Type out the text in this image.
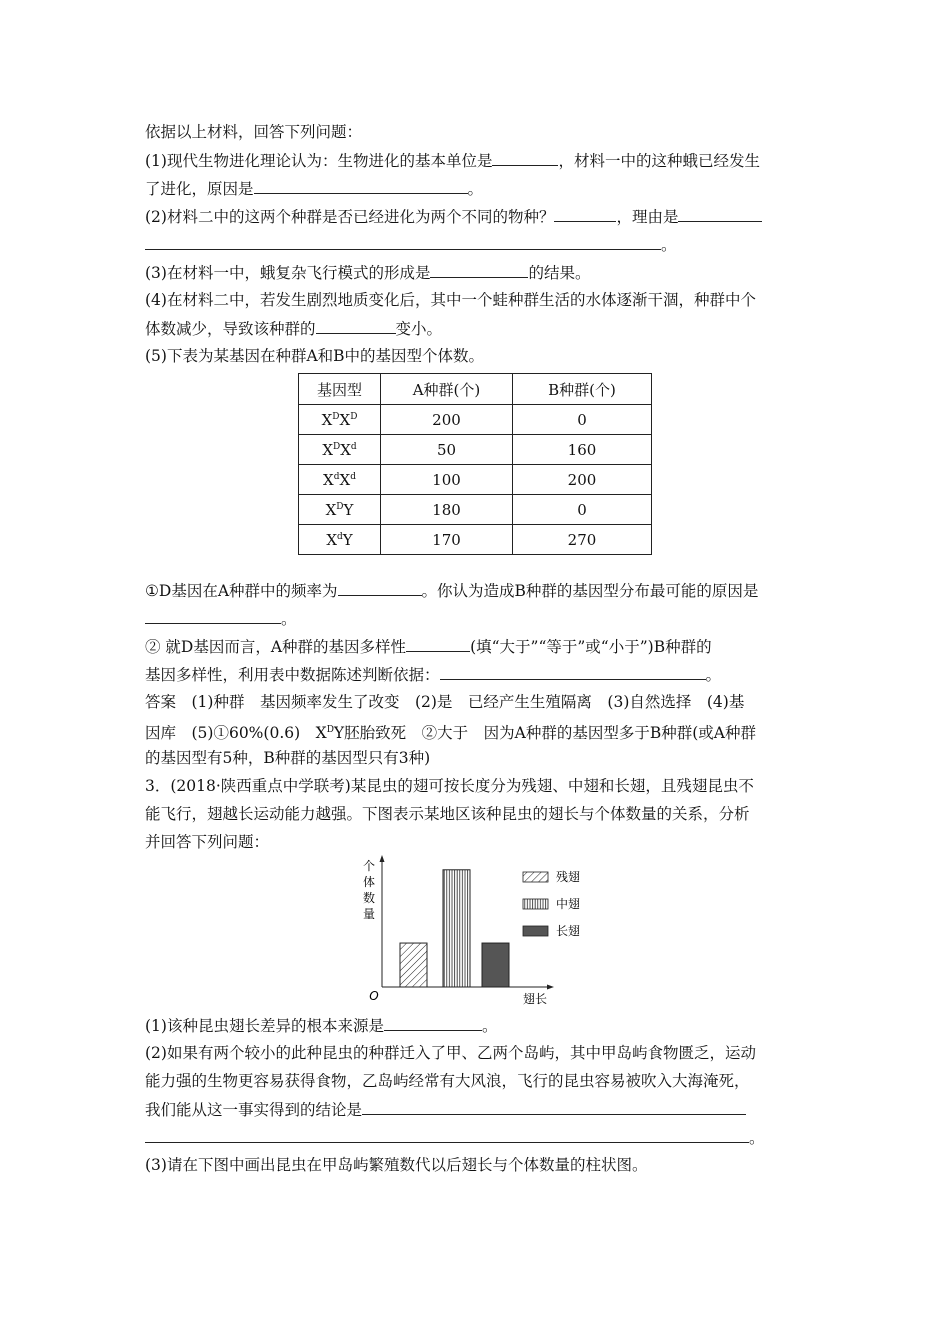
依据以上材料，回答下列问题：
(1)现代生物进化理论认为：生物进化的基本单位是	，材料一中的这种蛾已经发生
了进化，原因是	。
(2)材料二中的这两个种群是否已经进化为两个不同的物种？	，理由是
。
(3)在材料一中，蛾复杂飞行模式的形成是	的结果。
(4)在材料二中，若发生剧烈地质变化后，其中一个蛙种群生活的水体逐渐干涸，种群中个
体数减少，导致该种群的	变小。
(5)下表为某基因在种群A和B中的基因型个体数。
基因型	A种群(个)	B种群(个)
$X^DX^D$	200	0
$X^DX^d$	50	160
$X^dX^d$	100	200
$X^DY$	180	0
$X^dY$	170	270
①D基因在A种群中的频率为	。你认为造成B种群的基因型分布最可能的原因是
。
② 就D基因而言，A种群的基因多样性	(填“大于”“等于”或“小于”)B种群的
基因多样性，利用表中数据陈述判断依据：	。
答案　(1)种群　基因频率发生了改变　(2)是　已经产生生殖隔离　(3)自然选择　(4)基
因库　(5)①60%(0.6)　$X^DY$胚胎致死　②大于　因为A种群的基因型多于B种群(或A种群
的基因型有5种，B种群的基因型只有3种)
3．(2018·陕西重点中学联考)某昆虫的翅可按长度分为残翅、中翅和长翅，且残翅昆虫不
能飞行，翅越长运动能力越强。下图表示某地区该种昆虫的翅长与个体数量的关系，分析
并回答下列问题：
个体数量
O	翅长
残翅
中翅
长翅
(1)该种昆虫翅长差异的根本来源是	。
(2)如果有两个较小的此种昆虫的种群迁入了甲、乙两个岛屿，其中甲岛屿食物匮乏，运动
能力强的生物更容易获得食物，乙岛屿经常有大风浪，飞行的昆虫容易被吹入大海淹死，
我们能从这一事实得到的结论是
。
(3)请在下图中画出昆虫在甲岛屿繁殖数代以后翅长与个体数量的柱状图。
